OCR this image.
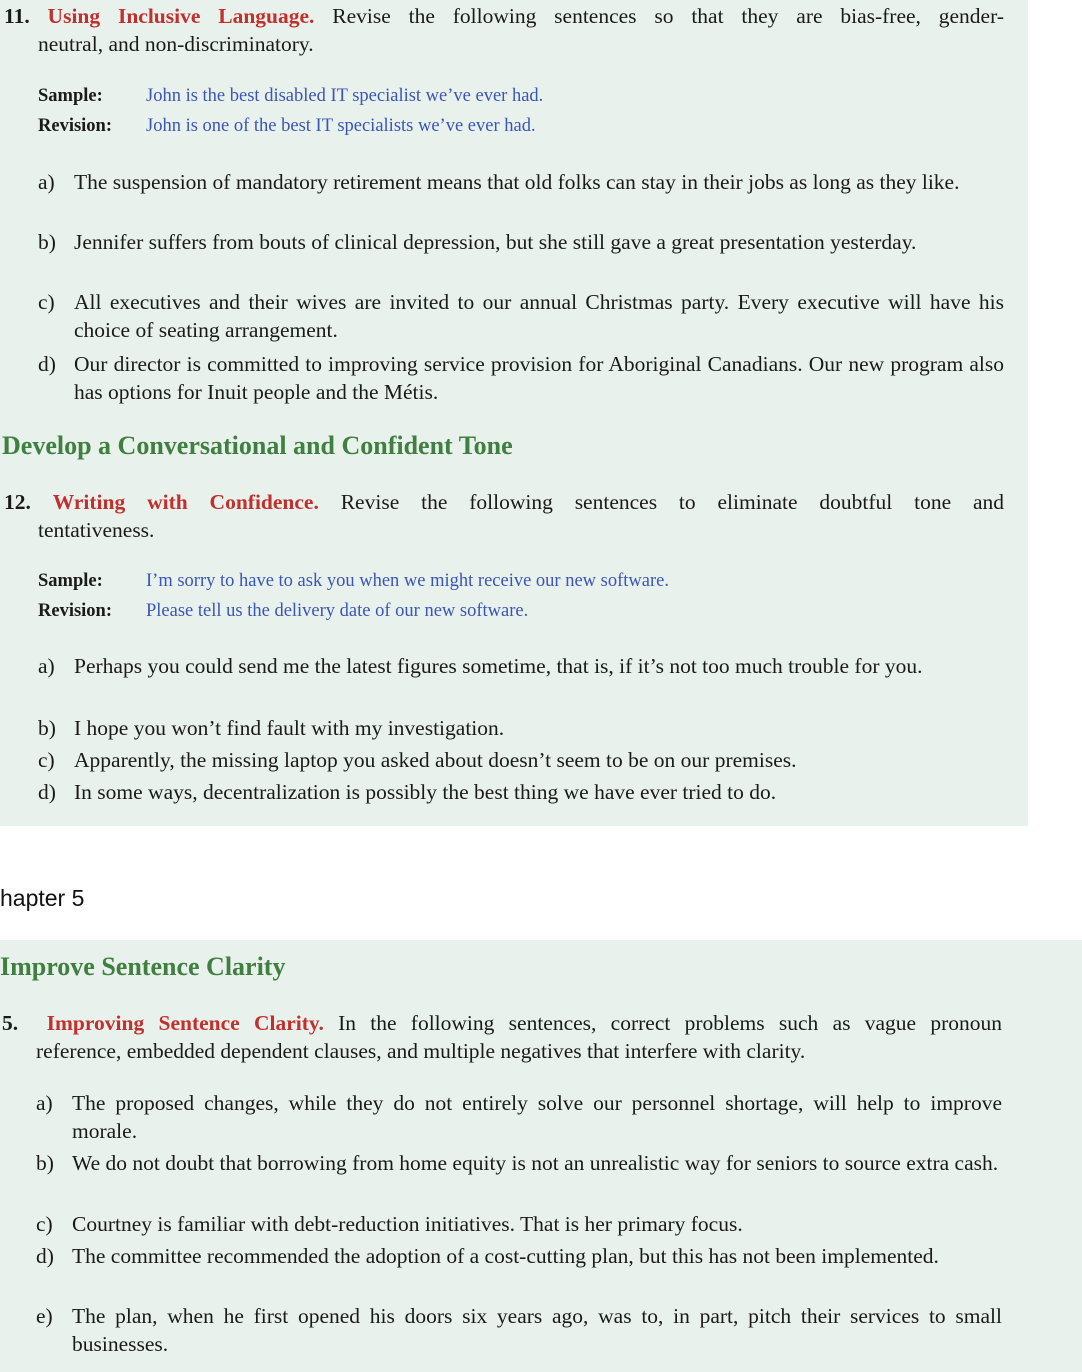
11. Using Inclusive Language. Revise the following sentences so that they are bias-free, gender-
neutral, and non-discriminatory.
Sample: John is the best disabled IT specialist we’ve ever had.
Revision: John is one of the best IT specialists we’ve ever had.
a) The suspension of mandatory retirement means that old folks can stay in their jobs as long as they like.
b) Jennifer suffers from bouts of clinical depression, but she still gave a great presentation yesterday.
c) All executives and their wives are invited to our annual Christmas party. Every executive will have his choice of seating arrangement.
d) Our director is committed to improving service provision for Aboriginal Canadians. Our new program also has options for Inuit people and the Métis.
Develop a Conversational and Confident Tone
12. Writing with Confidence. Revise the following sentences to eliminate doubtful tone and
tentativeness.
Sample: I’m sorry to have to ask you when we might receive our new software.
Revision: Please tell us the delivery date of our new software.
a) Perhaps you could send me the latest figures sometime, that is, if it’s not too much trouble for you.
b) I hope you won’t find fault with my investigation.
c) Apparently, the missing laptop you asked about doesn’t seem to be on our premises.
d) In some ways, decentralization is possibly the best thing we have ever tried to do.
hapter 5
Improve Sentence Clarity
5. Improving Sentence Clarity. In the following sentences, correct problems such as vague pronoun
reference, embedded dependent clauses, and multiple negatives that interfere with clarity.
a) The proposed changes, while they do not entirely solve our personnel shortage, will help to improve morale.
b) We do not doubt that borrowing from home equity is not an unrealistic way for seniors to source extra cash.
c) Courtney is familiar with debt-reduction initiatives. That is her primary focus.
d) The committee recommended the adoption of a cost-cutting plan, but this has not been implemented.
e) The plan, when he first opened his doors six years ago, was to, in part, pitch their services to small businesses.
